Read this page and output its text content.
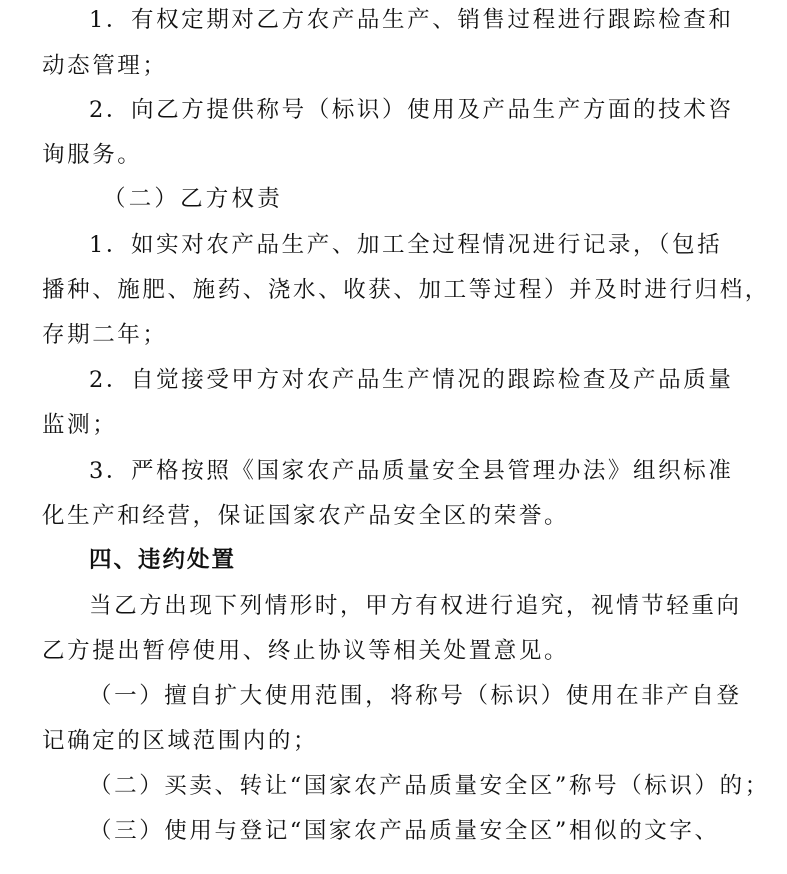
1．有权定期对乙方农产品生产、销售过程进行跟踪检查和
动态管理；
2．向乙方提供称号（标识）使用及产品生产方面的技术咨
询服务。
（二）乙方权责
1．如实对农产品生产、加工全过程情况进行记录，（包括
播种、施肥、施药、浇水、收获、加工等过程）并及时进行归档，
存期二年；
2．自觉接受甲方对农产品生产情况的跟踪检查及产品质量
监测；
3．严格按照《国家农产品质量安全县管理办法》组织标准
化生产和经营，保证国家农产品安全区的荣誉。
四、违约处置
当乙方出现下列情形时，甲方有权进行追究，视情节轻重向
乙方提出暂停使用、终止协议等相关处置意见。
（一）擅自扩大使用范围，将称号（标识）使用在非产自登
记确定的区域范围内的；
（二）买卖、转让“国家农产品质量安全区”称号（标识）的；
（三）使用与登记“国家农产品质量安全区”相似的文字、
